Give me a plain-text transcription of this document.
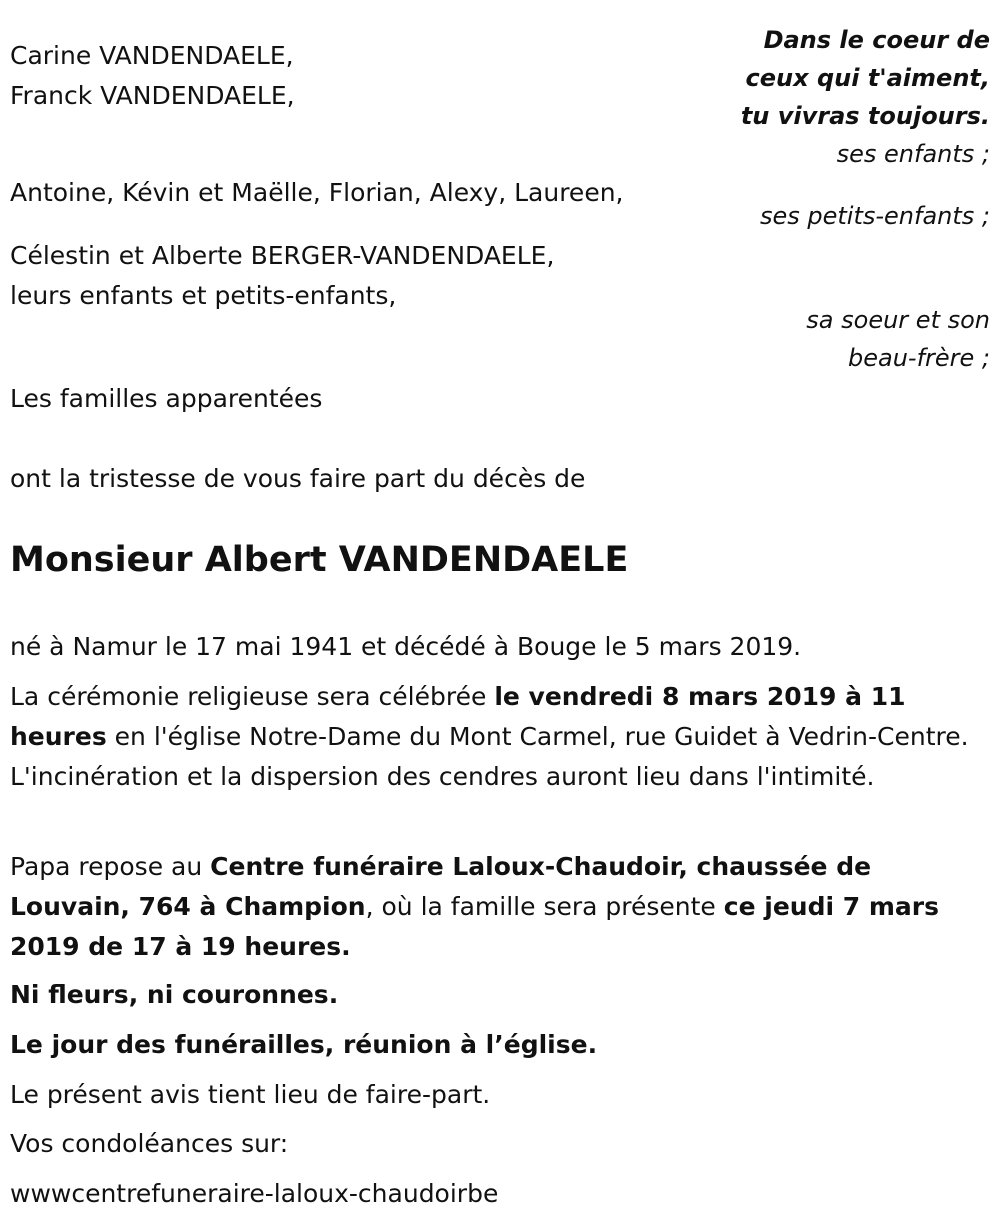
Carine VANDENDAELE,
Franck VANDENDAELE,
Antoine, Kévin et Maëlle, Florian, Alexy, Laureen,
Célestin et Alberte BERGER-VANDENDAELE,
leurs enfants et petits-enfants,
Les familles apparentées
Dans le coeur de
ceux qui t'aiment,
tu vivras toujours.
ses enfants ;
ses petits-enfants ;
sa soeur et son
beau-frère ;
ont la tristesse de vous faire part du décès de
Monsieur Albert VANDENDAELE
né à Namur le 17 mai 1941 et décédé à Bouge le 5 mars 2019.
La cérémonie religieuse sera célébrée le vendredi 8 mars 2019 à 11 heures en l'église Notre-Dame du Mont Carmel, rue Guidet à Vedrin-Centre. L'incinération et la dispersion des cendres auront lieu dans l'intimité.
Papa repose au Centre funéraire Laloux-Chaudoir, chaussée de Louvain, 764 à Champion, où la famille sera présente ce jeudi 7 mars 2019 de 17 à 19 heures.
Ni fleurs, ni couronnes.
Le jour des funérailles, réunion à l’église.
Le présent avis tient lieu de faire-part.
Vos condoléances sur:
wwwcentrefuneraire-laloux-chaudoirbe
